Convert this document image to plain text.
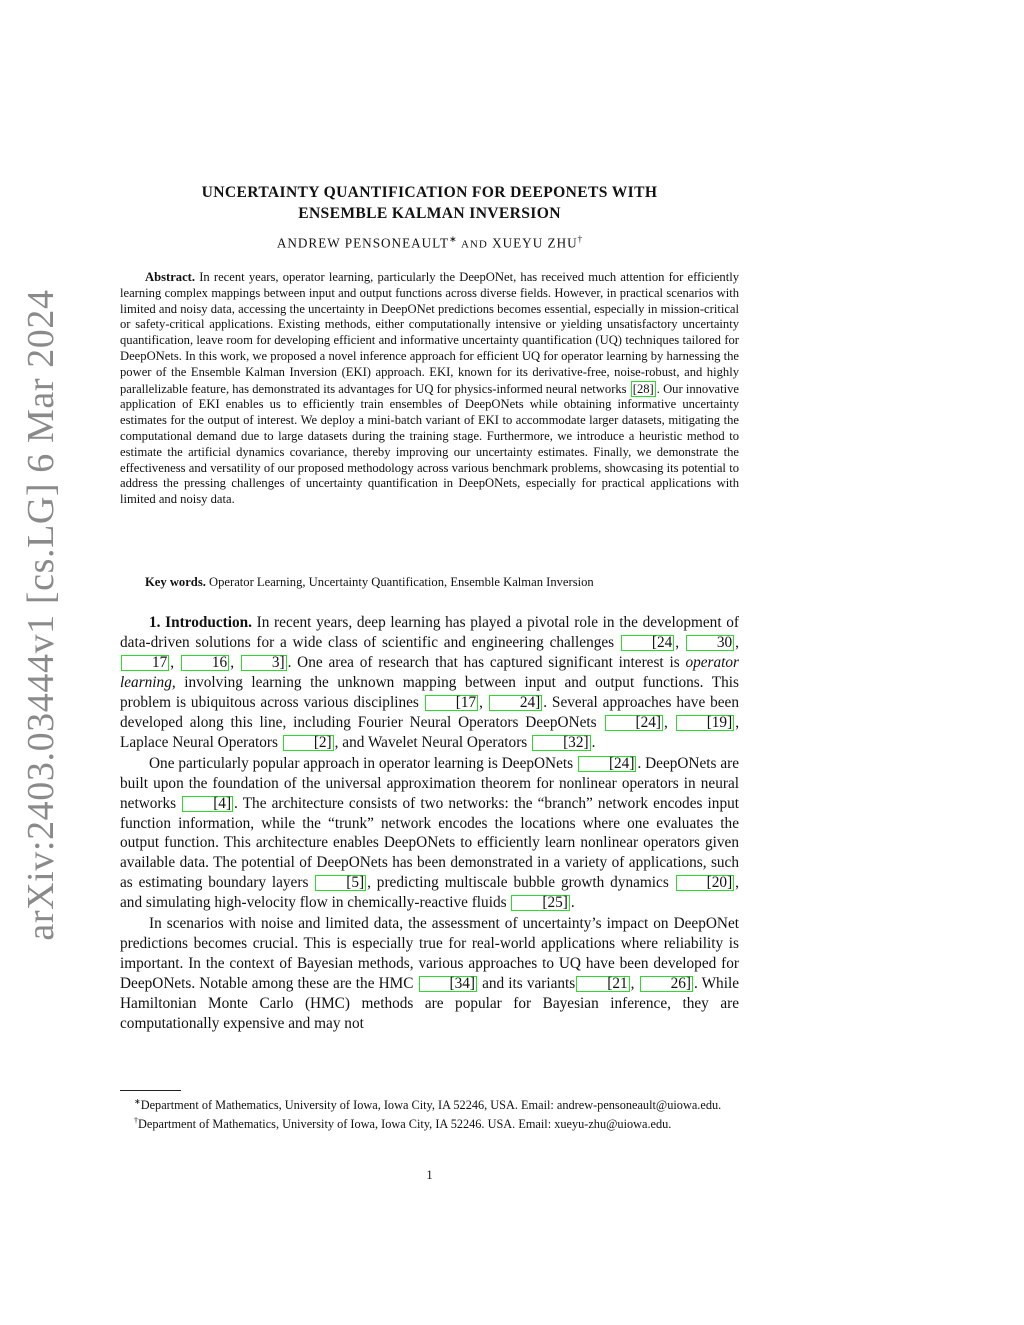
arXiv:2403.03444v1 [cs.LG] 6 Mar 2024
UNCERTAINTY QUANTIFICATION FOR DEEPONETS WITH
ENSEMBLE KALMAN INVERSION
ANDREW PENSONEAULT∗ AND XUEYU ZHU†
Abstract. In recent years, operator learning, particularly the DeepONet, has received much attention for efficiently learning complex mappings between input and output functions across diverse fields. However, in practical scenarios with limited and noisy data, accessing the uncertainty in DeepONet predictions becomes essential, especially in mission-critical or safety-critical applications. Existing methods, either computationally intensive or yielding unsatisfactory uncertainty quantification, leave room for developing efficient and informative uncertainty quantification (UQ) techniques tailored for DeepONets. In this work, we proposed a novel inference approach for efficient UQ for operator learning by harnessing the power of the Ensemble Kalman Inversion (EKI) approach. EKI, known for its derivative-free, noise-robust, and highly parallelizable feature, has demonstrated its advantages for UQ for physics-informed neural networks [28] . Our innovative application of EKI enables us to efficiently train ensembles of DeepONets while obtaining informative uncertainty estimates for the output of interest. We deploy a mini-batch variant of EKI to accommodate larger datasets, mitigating the computational demand due to large datasets during the training stage. Furthermore, we introduce a heuristic method to estimate the artificial dynamics covariance, thereby improving our uncertainty estimates. Finally, we demonstrate the effectiveness and versatility of our proposed methodology across various benchmark problems, showcasing its potential to address the pressing challenges of uncertainty quantification in DeepONets, especially for practical applications with limited and noisy data.
Key words. Operator Learning, Uncertainty Quantification, Ensemble Kalman Inversion

1. Introduction. In recent years, deep learning has played a pivotal role in the development of data-driven solutions for a wide class of scientific and engineering challenges [24 , 30 , 17 , 16 , 3] . One area of research that has captured significant interest is operator learning, involving learning the unknown mapping between input and output functions. This problem is ubiquitous across various disciplines [17 , 24] . Several approaches have been developed along this line, including Fourier Neural Operators DeepONets [24] , [19] , Laplace Neural Operators [2] , and Wavelet Neural Operators [32] .

One particularly popular approach in operator learning is DeepONets [24] . DeepONets are built upon the foundation of the universal approximation theorem for nonlinear operators in neural networks [4] . The architecture consists of two networks: the “branch” network encodes input function information, while the “trunk” network encodes the locations where one evaluates the output function. This architecture enables DeepONets to efficiently learn nonlinear operators given available data. The potential of DeepONets has been demonstrated in a variety of applications, such as estimating boundary layers [5] , predicting multiscale bubble growth dynamics [20] , and simulating high-velocity flow in chemically-reactive fluids [25] .

In scenarios with noise and limited data, the assessment of uncertainty’s impact on DeepONet predictions becomes crucial. This is especially true for real-world applications where reliability is important. In the context of Bayesian methods, various approaches to UQ have been developed for DeepONets. Notable among these are the HMC [34] and its variants [21 , 26] . While Hamiltonian Monte Carlo (HMC) methods are popular for Bayesian inference, they are computationally expensive and may not

∗Department of Mathematics, University of Iowa, Iowa City, IA 52246, USA. Email: andrew-pensoneault@uiowa.edu.

†Department of Mathematics, University of Iowa, Iowa City, IA 52246. USA. Email: xueyu-zhu@uiowa.edu.

1
